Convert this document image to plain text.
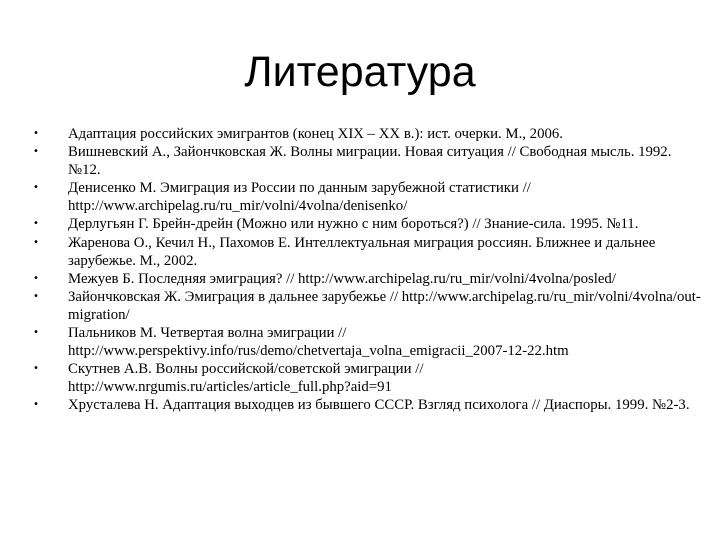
Литература
• Адаптация российских эмигрантов (конец XIX – XX в.): ист. очерки. М., 2006.
• Вишневский А., Зайончковская Ж. Волны миграции. Новая ситуация // Свободная мысль. 1992. №12.
• Денисенко М. Эмиграция из России по данным зарубежной статистики // http://www.archipelag.ru/ru_mir/volni/4volna/denisenko/
• Дерлугьян Г. Брейн-дрейн (Можно или нужно с ним бороться?) // Знание-сила. 1995. №11.
• Жаренова О., Кечил Н., Пахомов Е. Интеллектуальная миграция россиян. Ближнее и дальнее зарубежье. М., 2002.
• Межуев Б. Последняя эмиграция? // http://www.archipelag.ru/ru_mir/volni/4volna/posled/
• Зайончковская Ж. Эмиграция в дальнее зарубежье // http://www.archipelag.ru/ru_mir/volni/4volna/out-migration/
• Пальников М. Четвертая волна эмиграции // http://www.perspektivy.info/rus/demo/chetvertaja_volna_emigracii_2007-12-22.htm
• Скутнев А.В. Волны российской/советской эмиграции // http://www.nrgumis.ru/articles/article_full.php?aid=91
• Хрусталева Н. Адаптация выходцев из бывшего СССР. Взгляд психолога // Диаспоры. 1999. №2-3.
